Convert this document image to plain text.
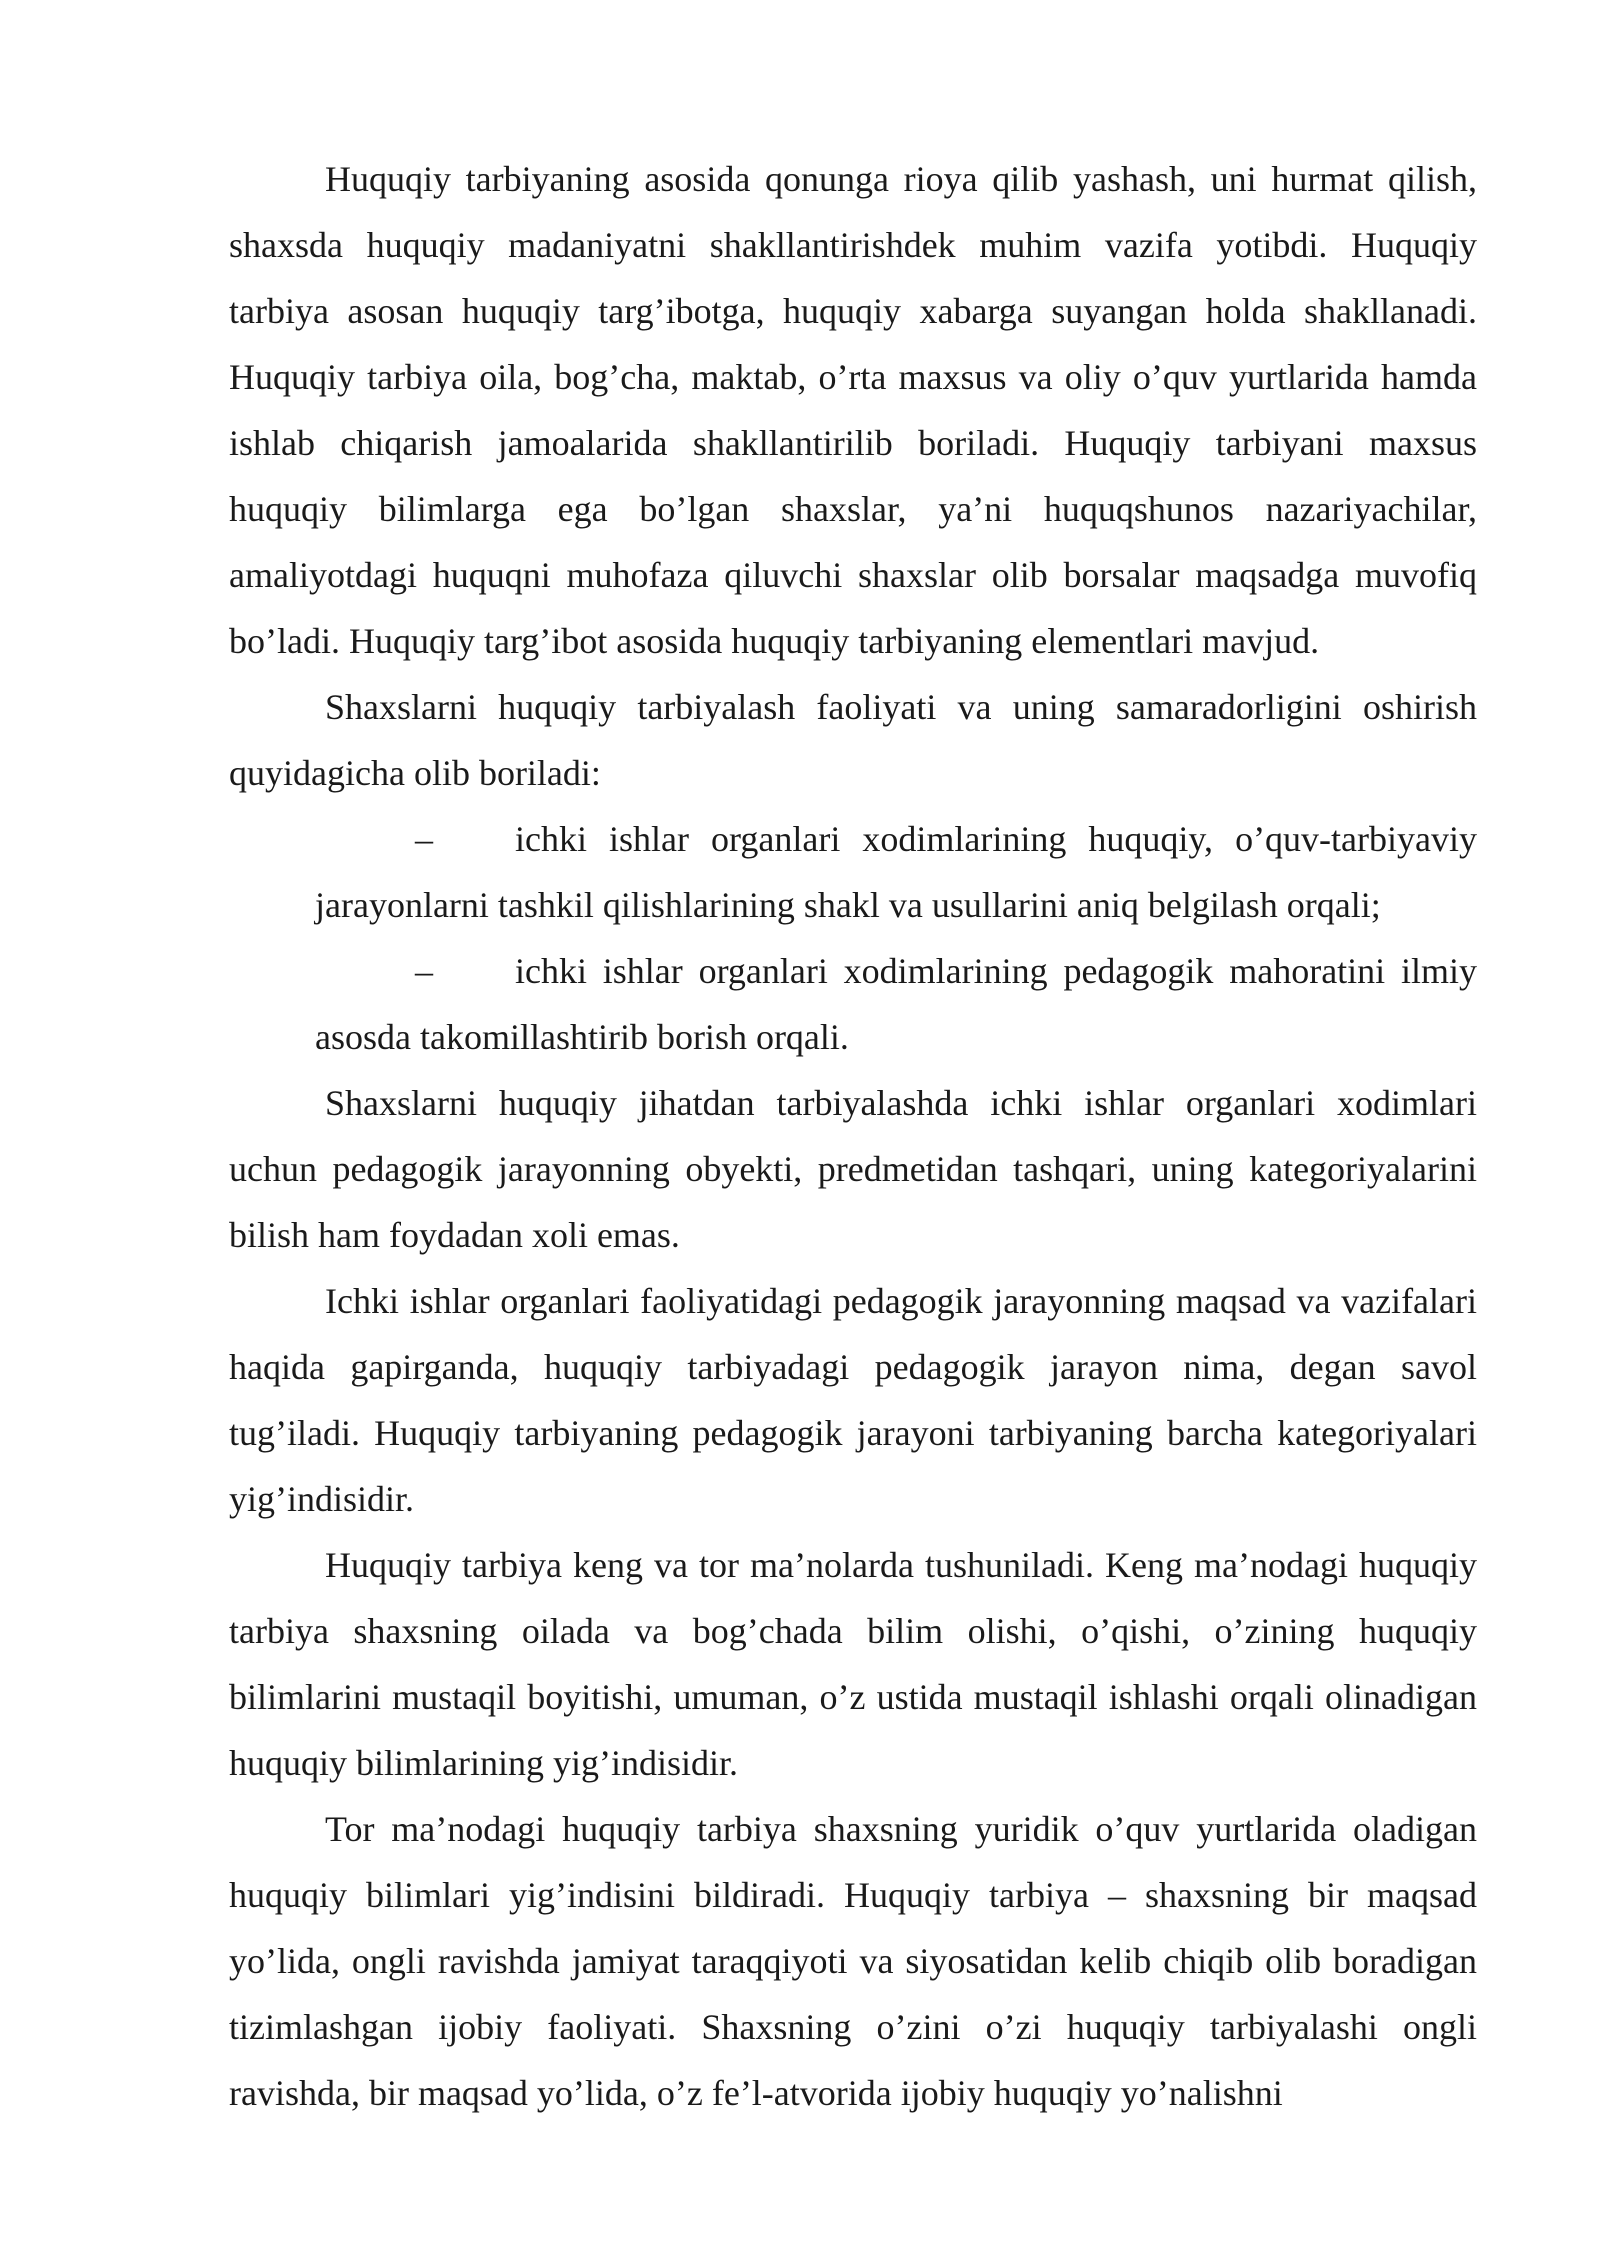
Huquqiy tarbiyaning asosida qonunga rioya qilib yashash, uni hurmat qilish, shaxsda huquqiy madaniyatni shakllantirishdek muhim vazifa yotibdi. Huquqiy tarbiya asosan huquqiy targ’ibotga, huquqiy xabarga suyangan holda shakllanadi. Huquqiy tarbiya oila, bog’cha, maktab, o’rta maxsus va oliy o’quv yurtlarida hamda ishlab chiqarish jamoalarida shakllantirilib boriladi. Huquqiy tarbiyani maxsus huquqiy bilimlarga ega bo’lgan shaxslar, ya’ni huquqshunos nazariyachilar, amaliyotdagi huquqni muhofaza qiluvchi shaxslar olib borsalar maqsadga muvofiq bo’ladi. Huquqiy targ’ibot asosida huquqiy tarbiyaning elementlari mavjud.

Shaxslarni huquqiy tarbiyalash faoliyati va uning samaradorligini oshirish quyidagicha olib boriladi:

– ichki ishlar organlari xodimlarining huquqiy, o’quv-tarbiyaviy jarayonlarni tashkil qilishlarining shakl va usullarini aniq belgilash orqali;

– ichki ishlar organlari xodimlarining pedagogik mahoratini ilmiy asosda takomillashtirib borish orqali.

Shaxslarni huquqiy jihatdan tarbiyalashda ichki ishlar organlari xodimlari uchun pedagogik jarayonning obyekti, predmetidan tashqari, uning kategoriyalarini bilish ham foydadan xoli emas.

Ichki ishlar organlari faoliyatidagi pedagogik jarayonning maqsad va vazifalari haqida gapirganda, huquqiy tarbiyadagi pedagogik jarayon nima, degan savol tug’iladi. Huquqiy tarbiyaning pedagogik jarayoni tarbiyaning barcha kategoriyalari yig’indisidir.

Huquqiy tarbiya keng va tor ma’nolarda tushuniladi. Keng ma’nodagi huquqiy tarbiya shaxsning oilada va bog’chada bilim olishi, o’qishi, o’zining huquqiy bilimlarini mustaqil boyitishi, umuman, o’z ustida mustaqil ishlashi orqali olinadigan huquqiy bilimlarining yig’indisidir.

Tor ma’nodagi huquqiy tarbiya shaxsning yuridik o’quv yurtlarida oladigan huquqiy bilimlari yig’indisini bildiradi. Huquqiy tarbiya – shaxsning bir maqsad yo’lida, ongli ravishda jamiyat taraqqiyoti va siyosatidan kelib chiqib olib boradigan tizimlashgan ijobiy faoliyati. Shaxsning o’zini o’zi huquqiy tarbiyalashi ongli ravishda, bir maqsad yo’lida, o’z fe’l-atvorida ijobiy huquqiy yo’nalishni
